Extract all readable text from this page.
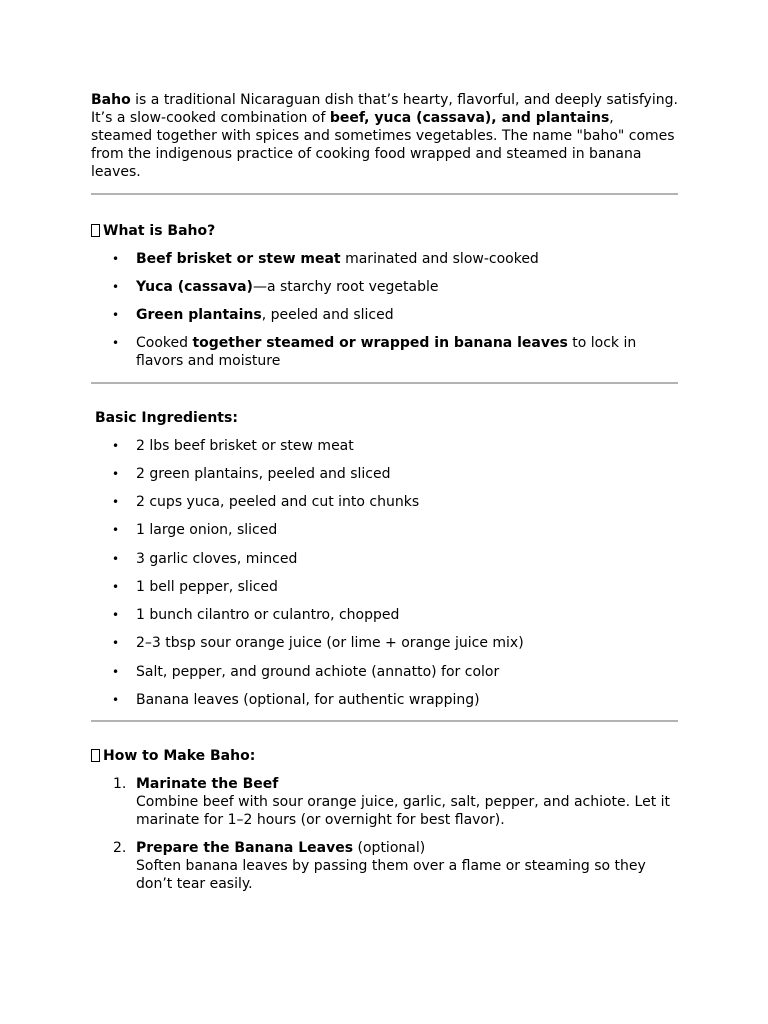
Baho is a traditional Nicaraguan dish that’s hearty, flavorful, and deeply satisfying. It’s a slow-cooked combination of beef, yuca (cassava), and plantains, steamed together with spices and sometimes vegetables. The name "baho" comes from the indigenous practice of cooking food wrapped and steamed in banana leaves.

What is Baho?
• Beef brisket or stew meat marinated and slow-cooked
• Yuca (cassava)—a starchy root vegetable
• Green plantains, peeled and sliced
• Cooked together steamed or wrapped in banana leaves to lock in flavors and moisture
Basic Ingredients:
• 2 lbs beef brisket or stew meat
• 2 green plantains, peeled and sliced
• 2 cups yuca, peeled and cut into chunks
• 1 large onion, sliced
• 3 garlic cloves, minced
• 1 bell pepper, sliced
• 1 bunch cilantro or culantro, chopped
• 2–3 tbsp sour orange juice (or lime + orange juice mix)
• Salt, pepper, and ground achiote (annatto) for color
• Banana leaves (optional, for authentic wrapping)
How to Make Baho:
1. Marinate the Beef
Combine beef with sour orange juice, garlic, salt, pepper, and achiote. Let it marinate for 1–2 hours (or overnight for best flavor).
2. Prepare the Banana Leaves (optional)
Soften banana leaves by passing them over a flame or steaming so they don’t tear easily.
